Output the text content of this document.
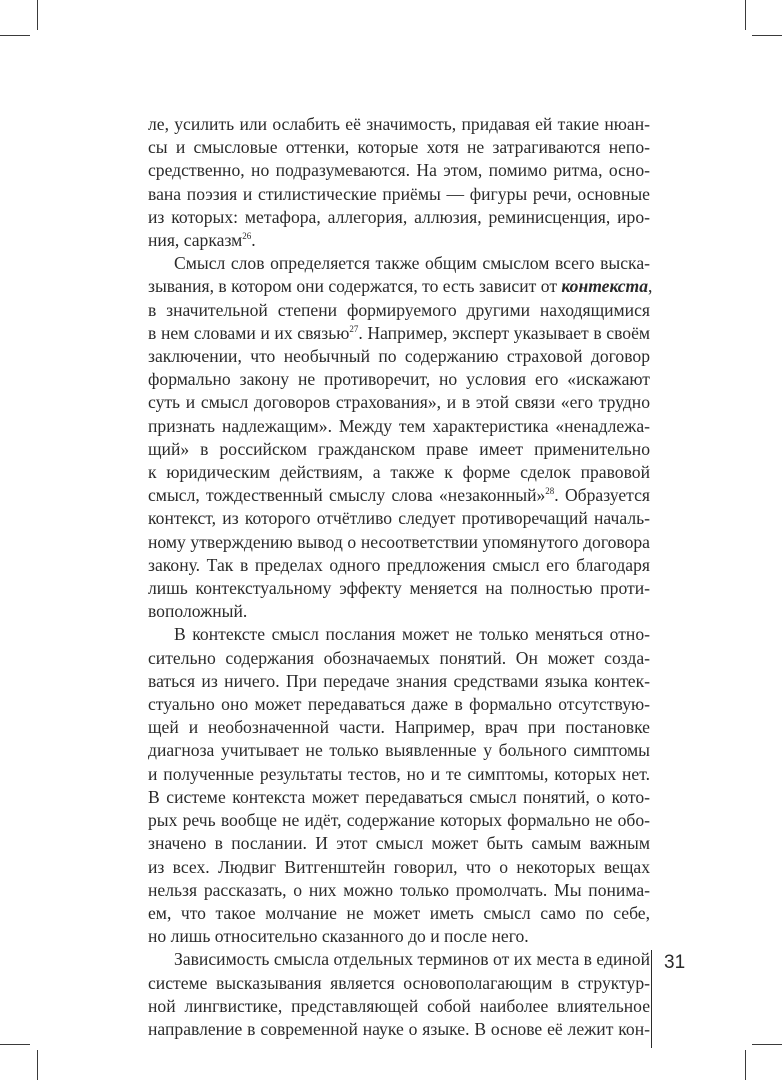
ле, усилить или ослабить её значимость, придавая ей такие нюан-
сы и смысловые оттенки, которые хотя не затрагиваются непо-
средственно, но подразумеваются. На этом, помимо ритма, осно-
вана поэзия и стилистические приёмы — фигуры речи, основные
из которых: метафора, аллегория, аллюзия, реминисценция, иро-
ния, сарказм$^{26}$.

Смысл слов определяется также общим смыслом всего выска-
зывания, в котором они содержатся, то есть зависит от контекста,
в значительной степени формируемого другими находящимися
в нем словами и их связью$^{27}$. Например, эксперт указывает в своём
заключении, что необычный по содержанию страховой договор
формально закону не противоречит, но условия его «искажают
суть и смысл договоров страхования», и в этой связи «его трудно
признать надлежащим». Между тем характеристика «ненадлежа-
щий» в российском гражданском праве имеет применительно
к юридическим действиям, а также к форме сделок правовой
смысл, тождественный смыслу слова «незаконный»$^{28}$. Образуется
контекст, из которого отчётливо следует противоречащий началь-
ному утверждению вывод о несоответствии упомянутого договора
закону. Так в пределах одного предложения смысл его благодаря
лишь контекстуальному эффекту меняется на полностью проти-
воположный.

В контексте смысл послания может не только меняться отно-
сительно содержания обозначаемых понятий. Он может созда-
ваться из ничего. При передаче знания средствами языка контек-
стуально оно может передаваться даже в формально отсутствую-
щей и необозначенной части. Например, врач при постановке
диагноза учитывает не только выявленные у больного симптомы
и полученные результаты тестов, но и те симптомы, которых нет.
В системе контекста может передаваться смысл понятий, о кото-
рых речь вообще не идёт, содержание которых формально не обо-
значено в послании. И этот смысл может быть самым важным
из всех. Людвиг Витгенштейн говорил, что о некоторых вещах
нельзя рассказать, о них можно только промолчать. Мы понима-
ем, что такое молчание не может иметь смысл само по себе,
но лишь относительно сказанного до и после него.

Зависимость смысла отдельных терминов от их места в единой
системе высказывания является основополагающим в структур-
ной лингвистике, представляющей собой наиболее влиятельное
направление в современной науке о языке. В основе её лежит кон-

31
